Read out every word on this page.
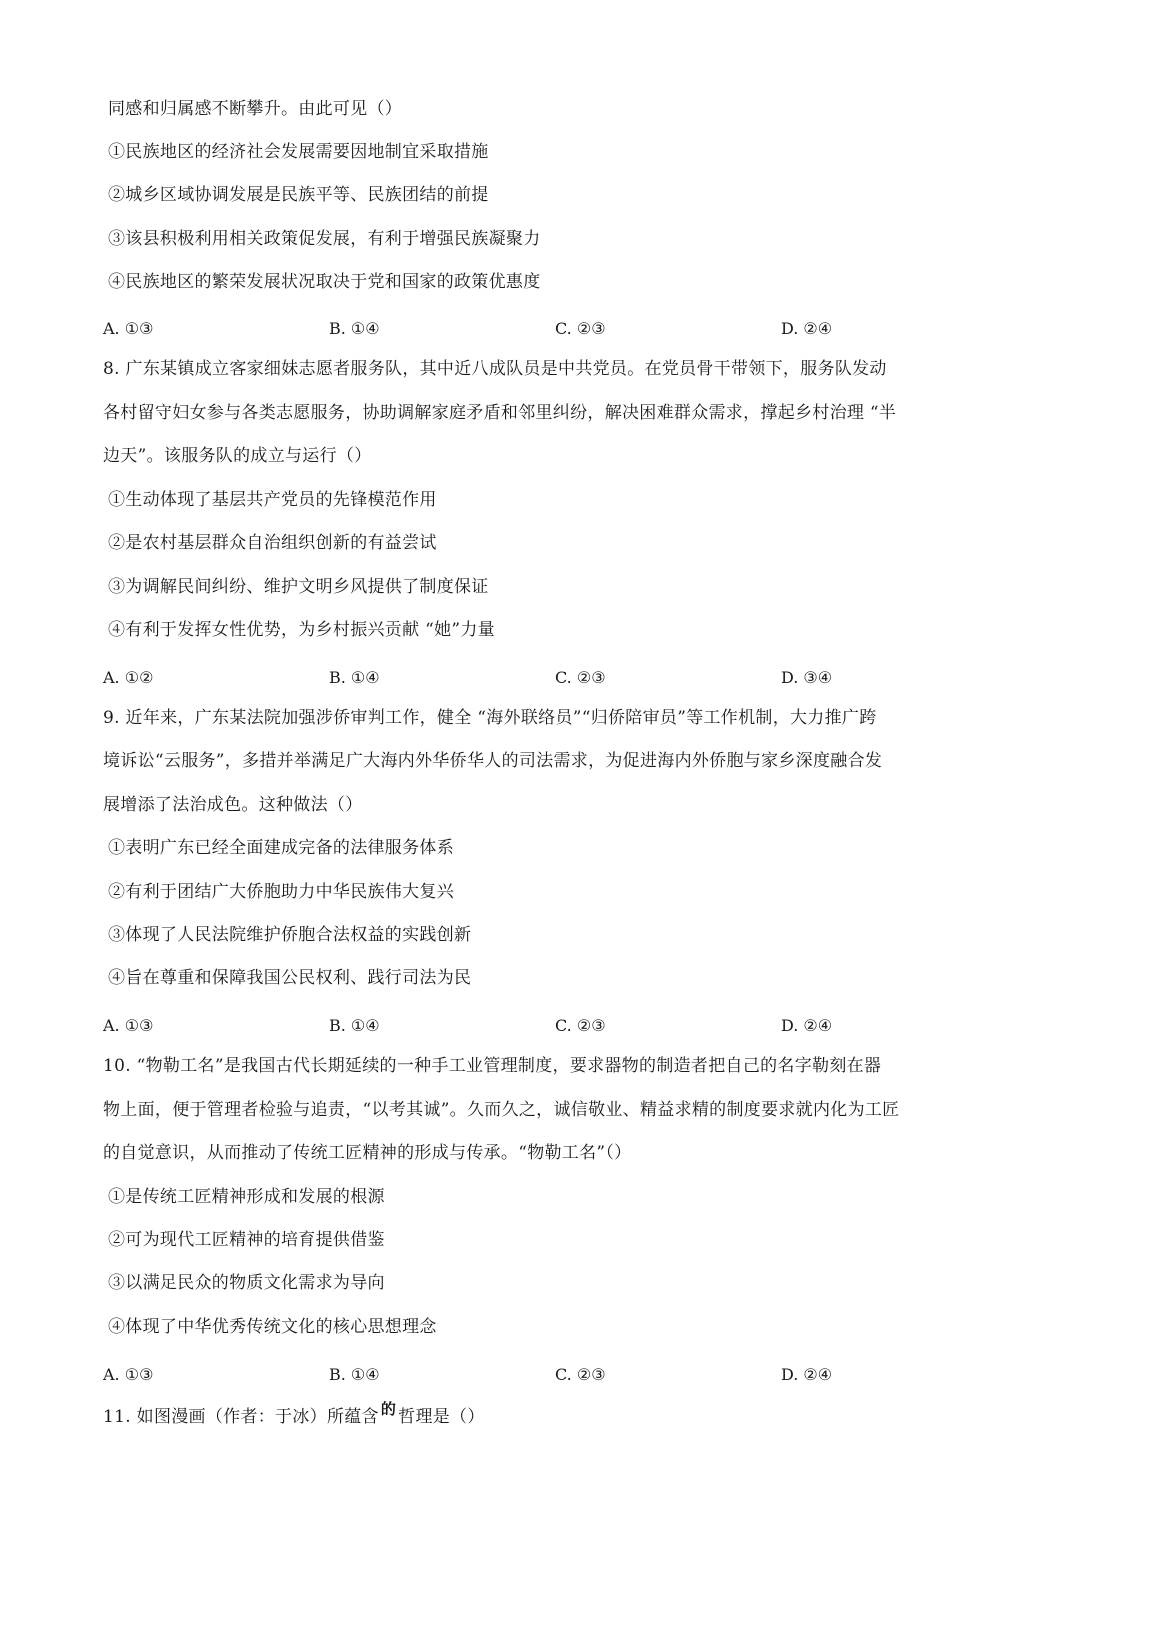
同感和归属感不断攀升。由此可见（）
①民族地区的经济社会发展需要因地制宜采取措施
②城乡区域协调发展是民族平等、民族团结的前提
③该县积极利用相关政策促发展，有利于增强民族凝聚力
④民族地区的繁荣发展状况取决于党和国家的政策优惠度
A. ①③	B. ①④	C. ②③	D. ②④
8. 广东某镇成立客家细妹志愿者服务队，其中近八成队员是中共党员。在党员骨干带领下，服务队发动
各村留守妇女参与各类志愿服务，协助调解家庭矛盾和邻里纠纷，解决困难群众需求，撑起乡村治理 “半
边天”。该服务队的成立与运行（）
①生动体现了基层共产党员的先锋模范作用
②是农村基层群众自治组织创新的有益尝试
③为调解民间纠纷、维护文明乡风提供了制度保证
④有利于发挥女性优势，为乡村振兴贡献 “她”力量
A. ①②	B. ①④	C. ②③	D. ③④
9. 近年来，广东某法院加强涉侨审判工作，健全 “海外联络员”“归侨陪审员”等工作机制，大力推广跨
境诉讼“云服务”，多措并举满足广大海内外华侨华人的司法需求，为促进海内外侨胞与家乡深度融合发
展增添了法治成色。这种做法（）
①表明广东已经全面建成完备的法律服务体系
②有利于团结广大侨胞助力中华民族伟大复兴
③体现了人民法院维护侨胞合法权益的实践创新
④旨在尊重和保障我国公民权利、践行司法为民
A. ①③	B. ①④	C. ②③	D. ②④
10. “物勒工名”是我国古代长期延续的一种手工业管理制度，要求器物的制造者把自己的名字勒刻在器
物上面，便于管理者检验与追责，“以考其诚”。久而久之，诚信敬业、精益求精的制度要求就内化为工匠
的自觉意识，从而推动了传统工匠精神的形成与传承。“物勒工名”（）
①是传统工匠精神形成和发展的根源
②可为现代工匠精神的培育提供借鉴
③以满足民众的物质文化需求为导向
④体现了中华优秀传统文化的核心思想理念
A. ①③	B. ①④	C. ②③	D. ②④
11. 如图漫画（作者：于冰）所蕴含 的 哲理是（）
